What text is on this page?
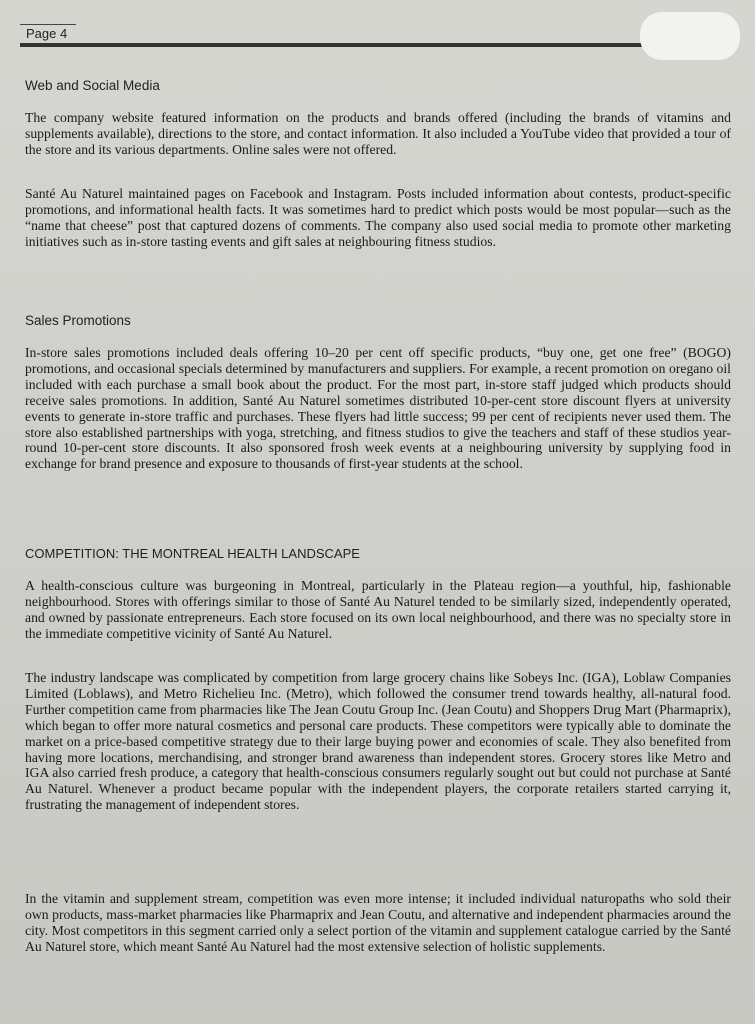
Page 4
Web and Social Media

The company website featured information on the products and brands offered (including the brands of vitamins and supplements available), directions to the store, and contact information. It also included a YouTube video that provided a tour of the store and its various departments. Online sales were not offered.

Santé Au Naturel maintained pages on Facebook and Instagram. Posts included information about contests, product-specific promotions, and informational health facts. It was sometimes hard to predict which posts would be most popular—such as the “name that cheese” post that captured dozens of comments. The company also used social media to promote other marketing initiatives such as in-store tasting events and gift sales at neighbouring fitness studios.

Sales Promotions

In-store sales promotions included deals offering 10–20 per cent off specific products, “buy one, get one free” (BOGO) promotions, and occasional specials determined by manufacturers and suppliers. For example, a recent promotion on oregano oil included with each purchase a small book about the product. For the most part, in-store staff judged which products should receive sales promotions. In addition, Santé Au Naturel sometimes distributed 10-per-cent store discount flyers at university events to generate in-store traffic and purchases. These flyers had little success; 99 per cent of recipients never used them. The store also established partnerships with yoga, stretching, and fitness studios to give the teachers and staff of these studios year-round 10-per-cent store discounts. It also sponsored frosh week events at a neighbouring university by supplying food in exchange for brand presence and exposure to thousands of first-year students at the school.

COMPETITION: THE MONTREAL HEALTH LANDSCAPE

A health-conscious culture was burgeoning in Montreal, particularly in the Plateau region—a youthful, hip, fashionable neighbourhood. Stores with offerings similar to those of Santé Au Naturel tended to be similarly sized, independently operated, and owned by passionate entrepreneurs. Each store focused on its own local neighbourhood, and there was no specialty store in the immediate competitive vicinity of Santé Au Naturel.

The industry landscape was complicated by competition from large grocery chains like Sobeys Inc. (IGA), Loblaw Companies Limited (Loblaws), and Metro Richelieu Inc. (Metro), which followed the consumer trend towards healthy, all-natural food. Further competition came from pharmacies like The Jean Coutu Group Inc. (Jean Coutu) and Shoppers Drug Mart (Pharmaprix), which began to offer more natural cosmetics and personal care products. These competitors were typically able to dominate the market on a price-based competitive strategy due to their large buying power and economies of scale. They also benefited from having more locations, merchandising, and stronger brand awareness than independent stores. Grocery stores like Metro and IGA also carried fresh produce, a category that health-conscious consumers regularly sought out but could not purchase at Santé Au Naturel. Whenever a product became popular with the independent players, the corporate retailers started carrying it, frustrating the management of independent stores.

In the vitamin and supplement stream, competition was even more intense; it included individual naturopaths who sold their own products, mass-market pharmacies like Pharmaprix and Jean Coutu, and alternative and independent pharmacies around the city. Most competitors in this segment carried only a select portion of the vitamin and supplement catalogue carried by the Santé Au Naturel store, which meant Santé Au Naturel had the most extensive selection of holistic supplements.
